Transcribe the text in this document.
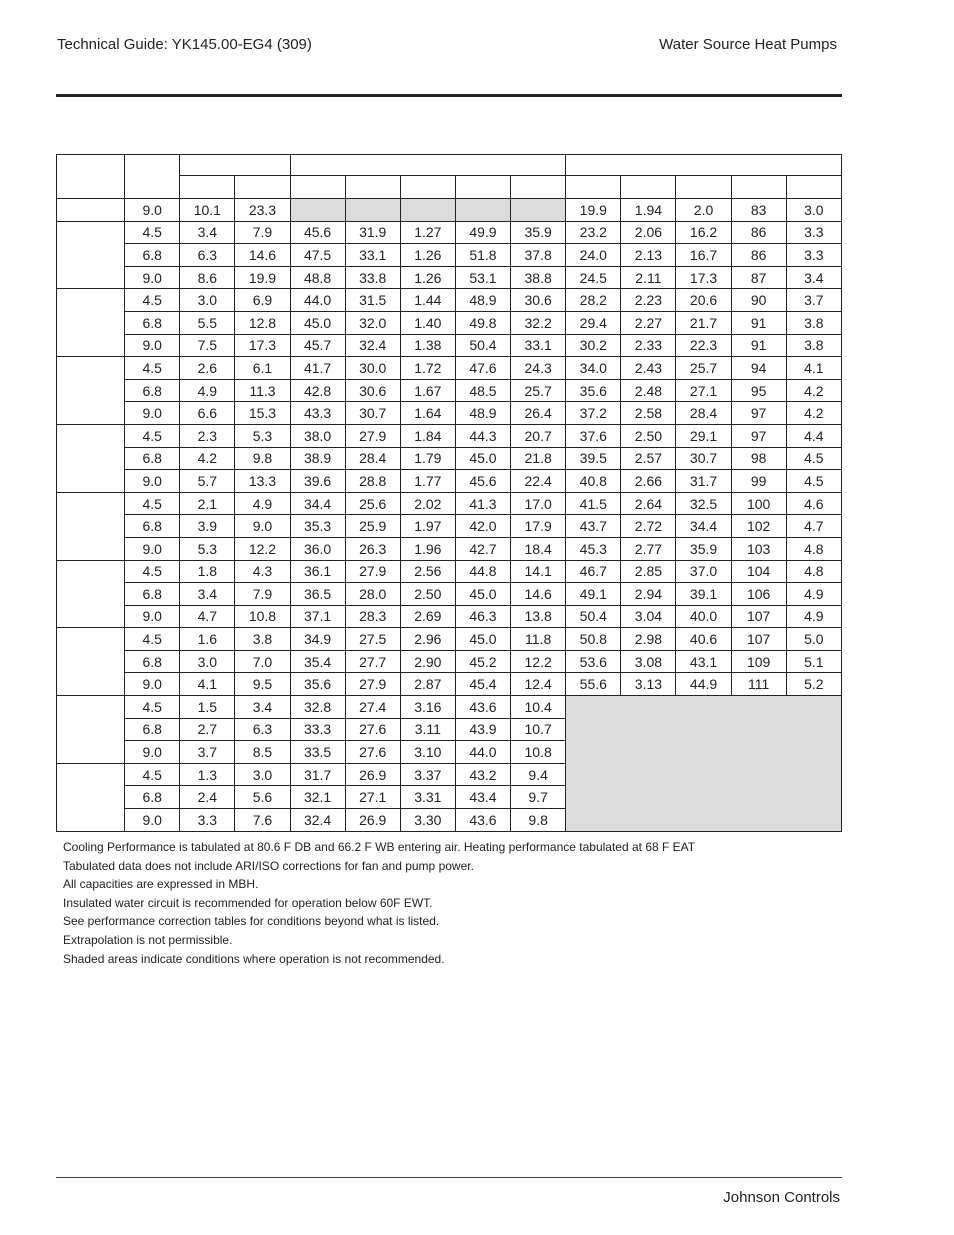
Technical Guide: YK145.00-EG4 (309)	Water Source Heat Pumps

	9.0	10.1	23.3						19.9	1.94	2.0	83	3.0
	4.5	3.4	7.9	45.6	31.9	1.27	49.9	35.9	23.2	2.06	16.2	86	3.3
	6.8	6.3	14.6	47.5	33.1	1.26	51.8	37.8	24.0	2.13	16.7	86	3.3
	9.0	8.6	19.9	48.8	33.8	1.26	53.1	38.8	24.5	2.11	17.3	87	3.4
	4.5	3.0	6.9	44.0	31.5	1.44	48.9	30.6	28.2	2.23	20.6	90	3.7
	6.8	5.5	12.8	45.0	32.0	1.40	49.8	32.2	29.4	2.27	21.7	91	3.8
	9.0	7.5	17.3	45.7	32.4	1.38	50.4	33.1	30.2	2.33	22.3	91	3.8
	4.5	2.6	6.1	41.7	30.0	1.72	47.6	24.3	34.0	2.43	25.7	94	4.1
	6.8	4.9	11.3	42.8	30.6	1.67	48.5	25.7	35.6	2.48	27.1	95	4.2
	9.0	6.6	15.3	43.3	30.7	1.64	48.9	26.4	37.2	2.58	28.4	97	4.2
	4.5	2.3	5.3	38.0	27.9	1.84	44.3	20.7	37.6	2.50	29.1	97	4.4
	6.8	4.2	9.8	38.9	28.4	1.79	45.0	21.8	39.5	2.57	30.7	98	4.5
	9.0	5.7	13.3	39.6	28.8	1.77	45.6	22.4	40.8	2.66	31.7	99	4.5
	4.5	2.1	4.9	34.4	25.6	2.02	41.3	17.0	41.5	2.64	32.5	100	4.6
	6.8	3.9	9.0	35.3	25.9	1.97	42.0	17.9	43.7	2.72	34.4	102	4.7
	9.0	5.3	12.2	36.0	26.3	1.96	42.7	18.4	45.3	2.77	35.9	103	4.8
	4.5	1.8	4.3	36.1	27.9	2.56	44.8	14.1	46.7	2.85	37.0	104	4.8
	6.8	3.4	7.9	36.5	28.0	2.50	45.0	14.6	49.1	2.94	39.1	106	4.9
	9.0	4.7	10.8	37.1	28.3	2.69	46.3	13.8	50.4	3.04	40.0	107	4.9
	4.5	1.6	3.8	34.9	27.5	2.96	45.0	11.8	50.8	2.98	40.6	107	5.0
	6.8	3.0	7.0	35.4	27.7	2.90	45.2	12.2	53.6	3.08	43.1	109	5.1
	9.0	4.1	9.5	35.6	27.9	2.87	45.4	12.4	55.6	3.13	44.9	111	5.2
	4.5	1.5	3.4	32.8	27.4	3.16	43.6	10.4					
	6.8	2.7	6.3	33.3	27.6	3.11	43.9	10.7					
	9.0	3.7	8.5	33.5	27.6	3.10	44.0	10.8					
	4.5	1.3	3.0	31.7	26.9	3.37	43.2	9.4					
	6.8	2.4	5.6	32.1	27.1	3.31	43.4	9.7					
	9.0	3.3	7.6	32.4	26.9	3.30	43.6	9.8					
Cooling Performance is tabulated at 80.6 F DB and 66.2 F WB entering air. Heating performance tabulated at 68 F EAT
Tabulated data does not include ARI/ISO corrections for fan and pump power.
All capacities are expressed in MBH.
Insulated water circuit is recommended for operation below 60F EWT.
See performance correction tables for conditions beyond what is listed.
Extrapolation is not permissible.
Shaded areas indicate conditions where operation is not recommended.
Johnson Controls
